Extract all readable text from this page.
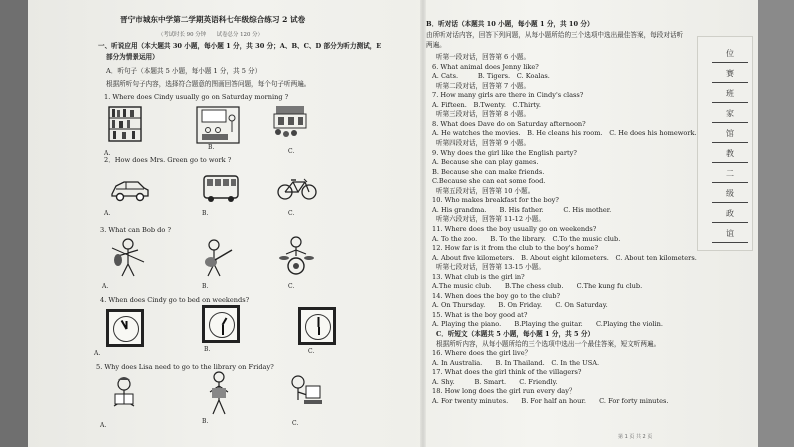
晋宁市城东中学第二学期英语科七年级综合练习 2 试卷
（考试时长 90 分钟　　试卷总分 120 分）
一、听说应用（本大题共 30 小题，每小题 1 分，共 30 分；A、B、C、D 部分为听力测试，E
部分为情景运用）
A．听句子（本题共 5 小题，每小题 1 分，共 5 分）
根据所听句子内容，选择符合题意的图画回答问题，每个句子听两遍。
1. Where does Cindy usually go on Saturday morning ?
A.
B.
C.
2．How does Mrs. Green go to work ?
A.	B.	C.
3. What can Bob do ?
A.	B.	C.
4. When does Cindy go to bed on weekends?
A.
B.	C.
5. Why does Lisa need to go to the library on Friday?
A.
B.	C.
B．听对话（本题共 10 小题，每小题 1 分，共 10 分）
由所听对话内容，回答下列问题，从每小题所给的三个选项中选出最佳答案，每段对话听
两遍。
听第一段对话，回答第 6 小题。
6. What animal does Jenny like?
A. Cats.　　　B. Tigers.　C. Koalas.
听第二段对话，回答第 7 小题。
7. How many girls are there in Cindy's class?
A. Fifteen.　B.Twenty.　C.Thirty.
听第三段对话，回答第 8 小题。
8. What does Dave do on Saturday afternoon?
A. He watches the movies.　B. He cleans his room.　C. He does his homework.
听第四段对话，回答第 9 小题。
9. Why does the girl like the English party?
A. Because she can play games.
B. Because she can make friends.
C.Because she can eat some food.
听第五段对话，回答第 10 小题。
10. Who makes breakfast for the boy?
A. His grandma.　　B. His father.　　　C. His mother.
听第六段对话，回答第 11-12 小题。
11. Where does the boy usually go on weekends?
A. To the zoo.　　B. To the library.　C.To the music club.
12. How far is it from the club to the boy's home?
A. About five kilometers.　B. About eight kilometers.　C. About ten kilometers.
听第七段对话，回答第 13-15 小题。
13. What club is the girl in?
A.The music club.　　B.The chess club.　　C.The kung fu club.
14. When does the boy go to the club?
A. On Thursday.　　B. On Friday.　　C. On Saturday.
15. What is the boy good at?
A. Playing the piano.　　B.Playing the guitar.　　C.Playing the violin.
C．听短文（本题共 5 小题，每小题 1 分，共 5 分）
根据所听内容，从每小题所给的三个选项中选出一个最佳答案，短文听两遍。
16. Where does the girl live？
A. In Australia.　　B. In Thailand.　C. In the USA.
17. What does the girl think of the villagers?
A. Shy.　　　B. Smart.　　C. Friendly.
18. How long does the girl run every day？
A. For twenty minutes.　　B. For half an hour.　　C. For forty minutes.
位
赛
班
家
馆
教
二
级
政
谊
第 1 页 共 2 页
